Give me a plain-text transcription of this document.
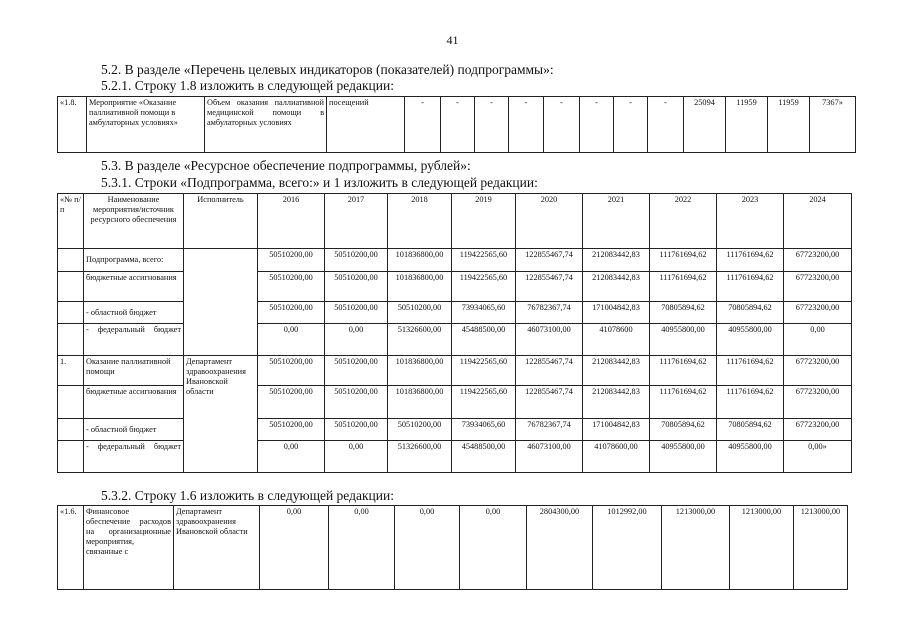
41
5.2. В разделе «Перечень целевых индикаторов (показателей) подпрограммы»:
5.2.1. Строку 1.8 изложить в следующей редакции:
«1.8.	Мероприятие «Оказание паллиативной помощи в амбулаторных условиях»	Объем оказания паллиативной медицинской помощи в амбулаторных условиях	посещений	-	-	-	-	-	-	-	-	25094	11959	11959	7367»
5.3. В разделе «Ресурсное обеспечение подпрограммы, рублей»:
5.3.1. Строки «Подпрограмма, всего:» и 1 изложить в следующей редакции:
«№ п/п	Наименование мероприятия/источник ресурсного обеспечения	Исполнитель	2016	2017	2018	2019	2020	2021	2022	2023	2024
	Подпрограмма, всего:		50510200,00	50510200,00	101836800,00	119422565,60	122855467,74	212083442,83	111761694,62	111761694,62	67723200,00
	бюджетные ассигнования		50510200,00	50510200,00	101836800,00	119422565,60	122855467,74	212083442,83	111761694,62	111761694,62	67723200,00
	- областной бюджет		50510200,00	50510200,00	50510200,00	73934065,60	76782367,74	171004842,83	70805894,62	70805894,62	67723200,00
	- федеральный бюджет		0,00	0,00	51326600,00	45488500,00	46073100,00	41078600	40955800,00	40955800,00	0,00
1.	Оказание паллиативной помощи	Департамент здравоохранения Ивановской области	50510200,00	50510200,00	101836800,00	119422565,60	122855467,74	212083442,83	111761694,62	111761694,62	67723200,00
	бюджетные ассигнования		50510200,00	50510200,00	101836800,00	119422565,60	122855467,74	212083442,83	111761694,62	111761694,62	67723200,00
	- областной бюджет		50510200,00	50510200,00	50510200,00	73934065,60	76782367,74	171004842,83	70805894,62	70805894,62	67723200,00
	- федеральный бюджет		0,00	0,00	51326600,00	45488500,00	46073100,00	41078600,00	40955800,00	40955800,00	0,00»
5.3.2. Строку 1.6 изложить в следующей редакции:
«1.6.	Финансовое обеспечение расходов на организационные мероприятия, связанные с	Департамент здравоохранения Ивановской области	0,00	0,00	0,00	0,00	2804300,00	1012992,00	1213000,00	1213000,00	1213000,00
